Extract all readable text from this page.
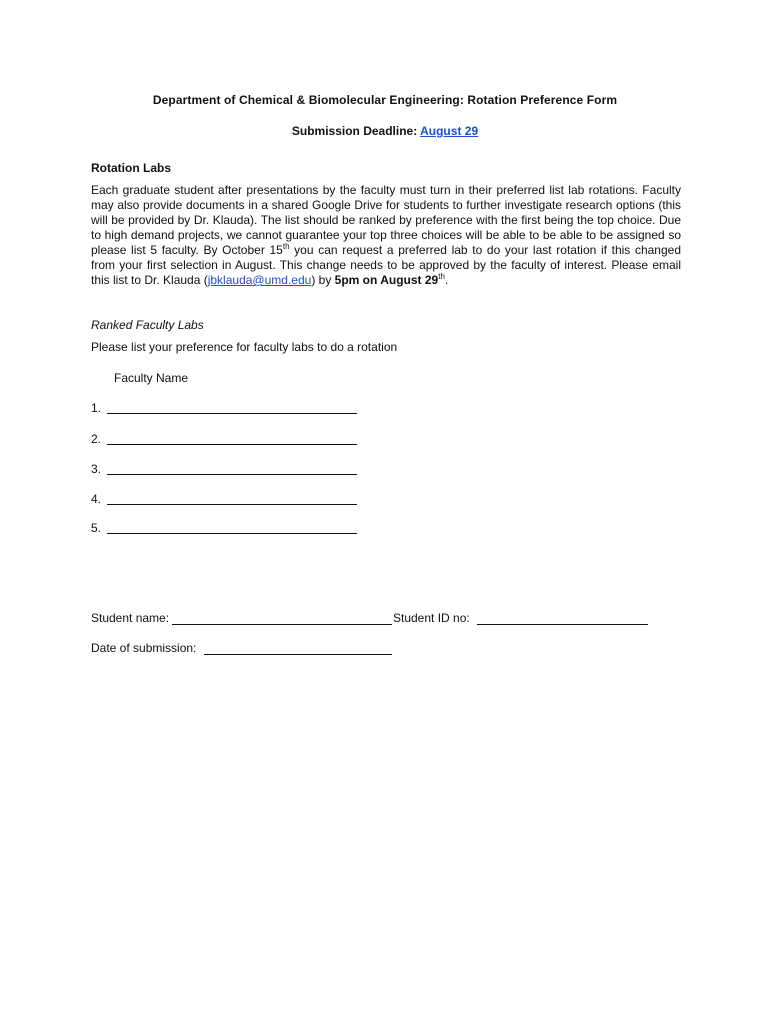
Department of Chemical & Biomolecular Engineering: Rotation Preference Form
Submission Deadline: August 29
Rotation Labs
Each graduate student after presentations by the faculty must turn in their preferred list lab rotations. Faculty may also provide documents in a shared Google Drive for students to further investigate research options (this will be provided by Dr. Klauda). The list should be ranked by preference with the first being the top choice. Due to high demand projects, we cannot guarantee your top three choices will be able to be able to be assigned so please list 5 faculty. By October 15th you can request a preferred lab to do your last rotation if this changed from your first selection in August. This change needs to be approved by the faculty of interest. Please email this list to Dr. Klauda (jbklauda@umd.edu) by 5pm on August 29th.
Ranked Faculty Labs
Please list your preference for faculty labs to do a rotation
Faculty Name
1.
2.
3.
4.
5.
Student name:	Student ID no:
Date of submission:
